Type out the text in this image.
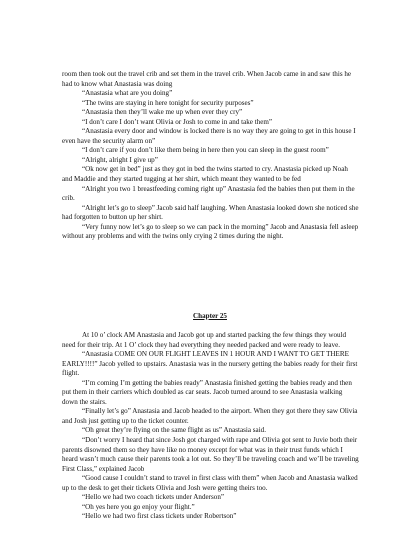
room then took out the travel crib and set them in the travel crib. When Jacob came in and saw this he had to know what Anastasia was doing

“Anastasia what are you doing”

“The twins are staying in here tonight for security purposes”

“Anastasia then they’ll wake me up when ever they cry”

“I don’t care I don’t want Olivia or Josh to come in and take them”

“Anastasia every door and window is locked there is no way they are going to get in this house I even have the security alarm on”

“I don’t care if you don’t like them being in here then you can sleep in the guest room”

“Alright, alright I give up”

“Ok now get in bed” just as they got in bed the twins started to cry. Anastasia picked up Noah and Maddie and they started tugging at her shirt, which meant they wanted to be fed

“Alright you two 1 breastfeeding coming right up” Anastasia fed the babies then put them in the crib.

“Alright let’s go to sleep” Jacob said half laughing. When Anastasia looked down she noticed she had forgotten to button up her shirt.

“Very funny now let’s go to sleep so we can pack in the morning” Jacob and Anastasia fell asleep without any problems and with the twins only crying 2 times during the night.

Chapter 25

At 10 o’ clock AM Anastasia and Jacob got up and started packing the few things they would need for their trip. At 1 O’ clock they had everything they needed packed and were ready to leave.

“Anastasia COME ON OUR FLIGHT LEAVES IN 1 HOUR AND I WANT TO GET THERE EARLY!!!!” Jacob yelled to upstairs. Anastasia was in the nursery getting the babies ready for their first flight.

“I’m coming I’m getting the babies ready” Anastasia finished getting the babies ready and then put them in their carriers which doubled as car seats. Jacob turned around to see Anastasia walking down the stairs.

“Finally let’s go” Anastasia and Jacob headed to the airport. When they got there they saw Olivia and Josh just getting up to the ticket counter.

“Oh great they’re flying on the same flight as us” Anastasia said.

“Don’t worry I heard that since Josh got charged with rape and Olivia got sent to Juvie both their parents disowned them so they have like no money except for what was in their trust funds which I heard wasn’t much cause their parents took a lot out. So they’ll be traveling coach and we’ll be traveling First Class,” explained Jacob

“Good cause I couldn’t stand to travel in first class with them” when Jacob and Anastasia walked up to the desk to get their tickets Olivia and Josh were getting theirs too.

“Hello we had two coach tickets under Anderson”

“Oh yes here you go enjoy your flight.”

“Hello we had two first class tickets under Robertson”
